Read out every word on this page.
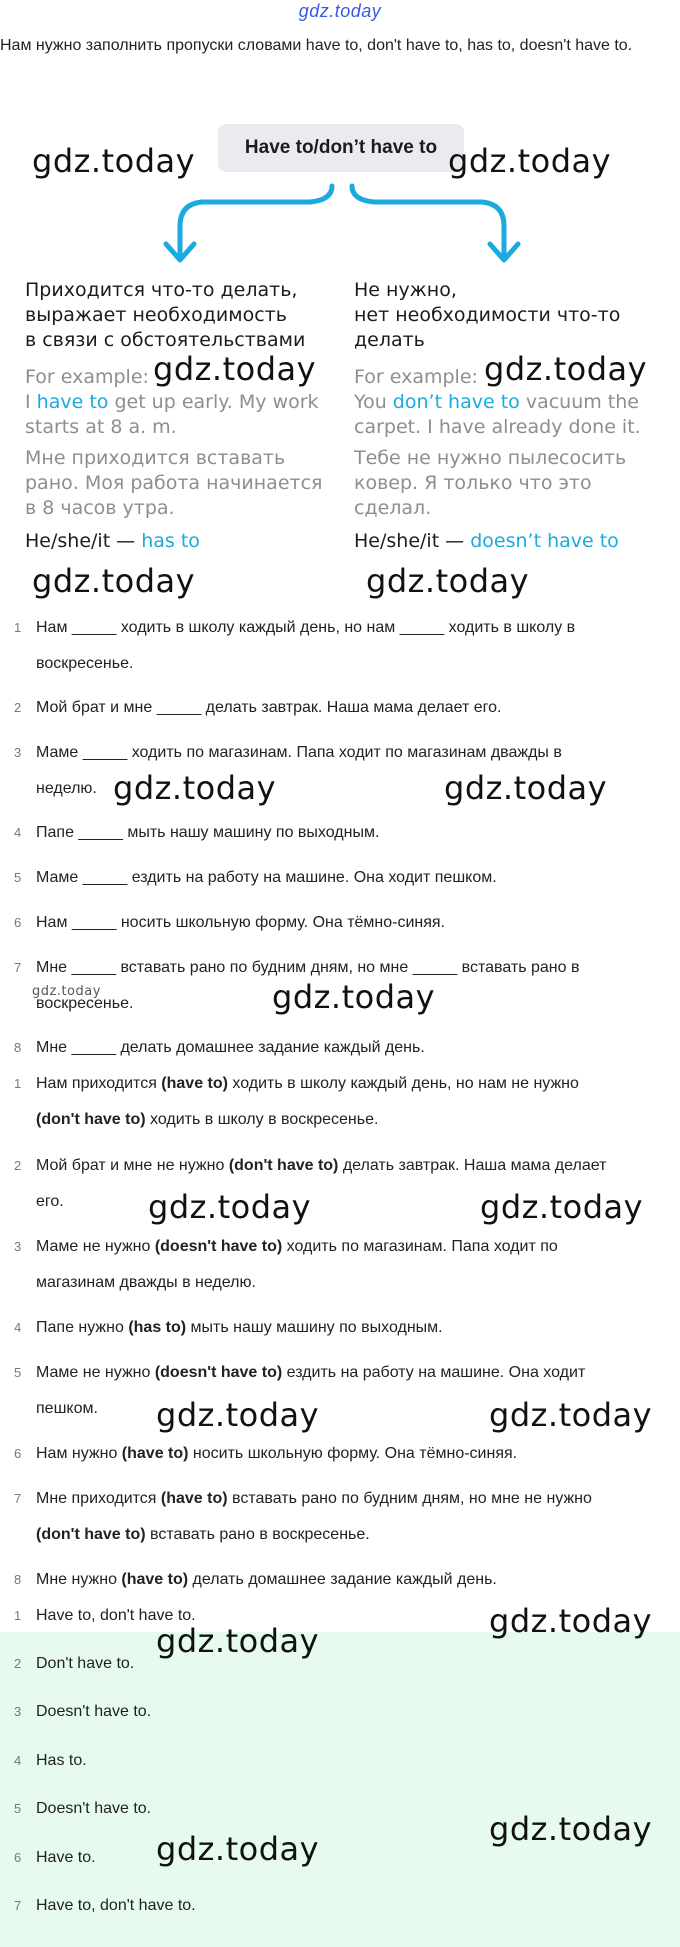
gdz.today
Нам нужно заполнить пропуски словами have to, don't have to, has to, doesn't have to.
Have to/don’t have to
Приходится что-то делать,
выражает необходимость
в связи с обстоятельствами
For example:
I have to get up early. My work
starts at 8 a. m.
Мне приходится вставать
рано. Моя работа начинается
в 8 часов утра.
He/she/it — has to
Не нужно,
нет необходимости что-то
делать
For example:
You don’t have to vacuum the
carpet. I have already done it.
Тебе не нужно пылесосить
ковер. Я только что это
сделал.
He/she/it — doesn’t have to
1 Нам _____ ходить в школу каждый день, но нам _____ ходить в школу в
воскресенье.
2 Мой брат и мне _____ делать завтрак. Наша мама делает его.
3 Маме _____ ходить по магазинам. Папа ходит по магазинам дважды в
неделю.
4 Папе _____ мыть нашу машину по выходным.
5 Маме _____ ездить на работу на машине. Она ходит пешком.
6 Нам _____ носить школьную форму. Она тёмно-синяя.
7 Мне _____ вставать рано по будним дням, но мне _____ вставать рано в
воскресенье.
8 Мне _____ делать домашнее задание каждый день.
1 Нам приходится (have to) ходить в школу каждый день, но нам не нужно
(don't have to) ходить в школу в воскресенье.
2 Мой брат и мне не нужно (don't have to) делать завтрак. Наша мама делает
его.
3 Маме не нужно (doesn't have to) ходить по магазинам. Папа ходит по
магазинам дважды в неделю.
4 Папе нужно (has to) мыть нашу машину по выходным.
5 Маме не нужно (doesn't have to) ездить на работу на машине. Она ходит
пешком.
6 Нам нужно (have to) носить школьную форму. Она тёмно-синяя.
7 Мне приходится (have to) вставать рано по будним дням, но мне не нужно
(don't have to) вставать рано в воскресенье.
8 Мне нужно (have to) делать домашнее задание каждый день.
1 Have to, don't have to.
2 Don't have to.
3 Doesn't have to.
4 Has to.
5 Doesn't have to.
6 Have to.
7 Have to, don't have to.
gdz.today	gdz.today
gdz.today	gdz.today
gdz.today	gdz.today
gdz.today	gdz.today
gdz.today	gdz.today
gdz.today	gdz.today
gdz.today	gdz.today
gdz.today
gdz.today
gdz.today
gdz.today
